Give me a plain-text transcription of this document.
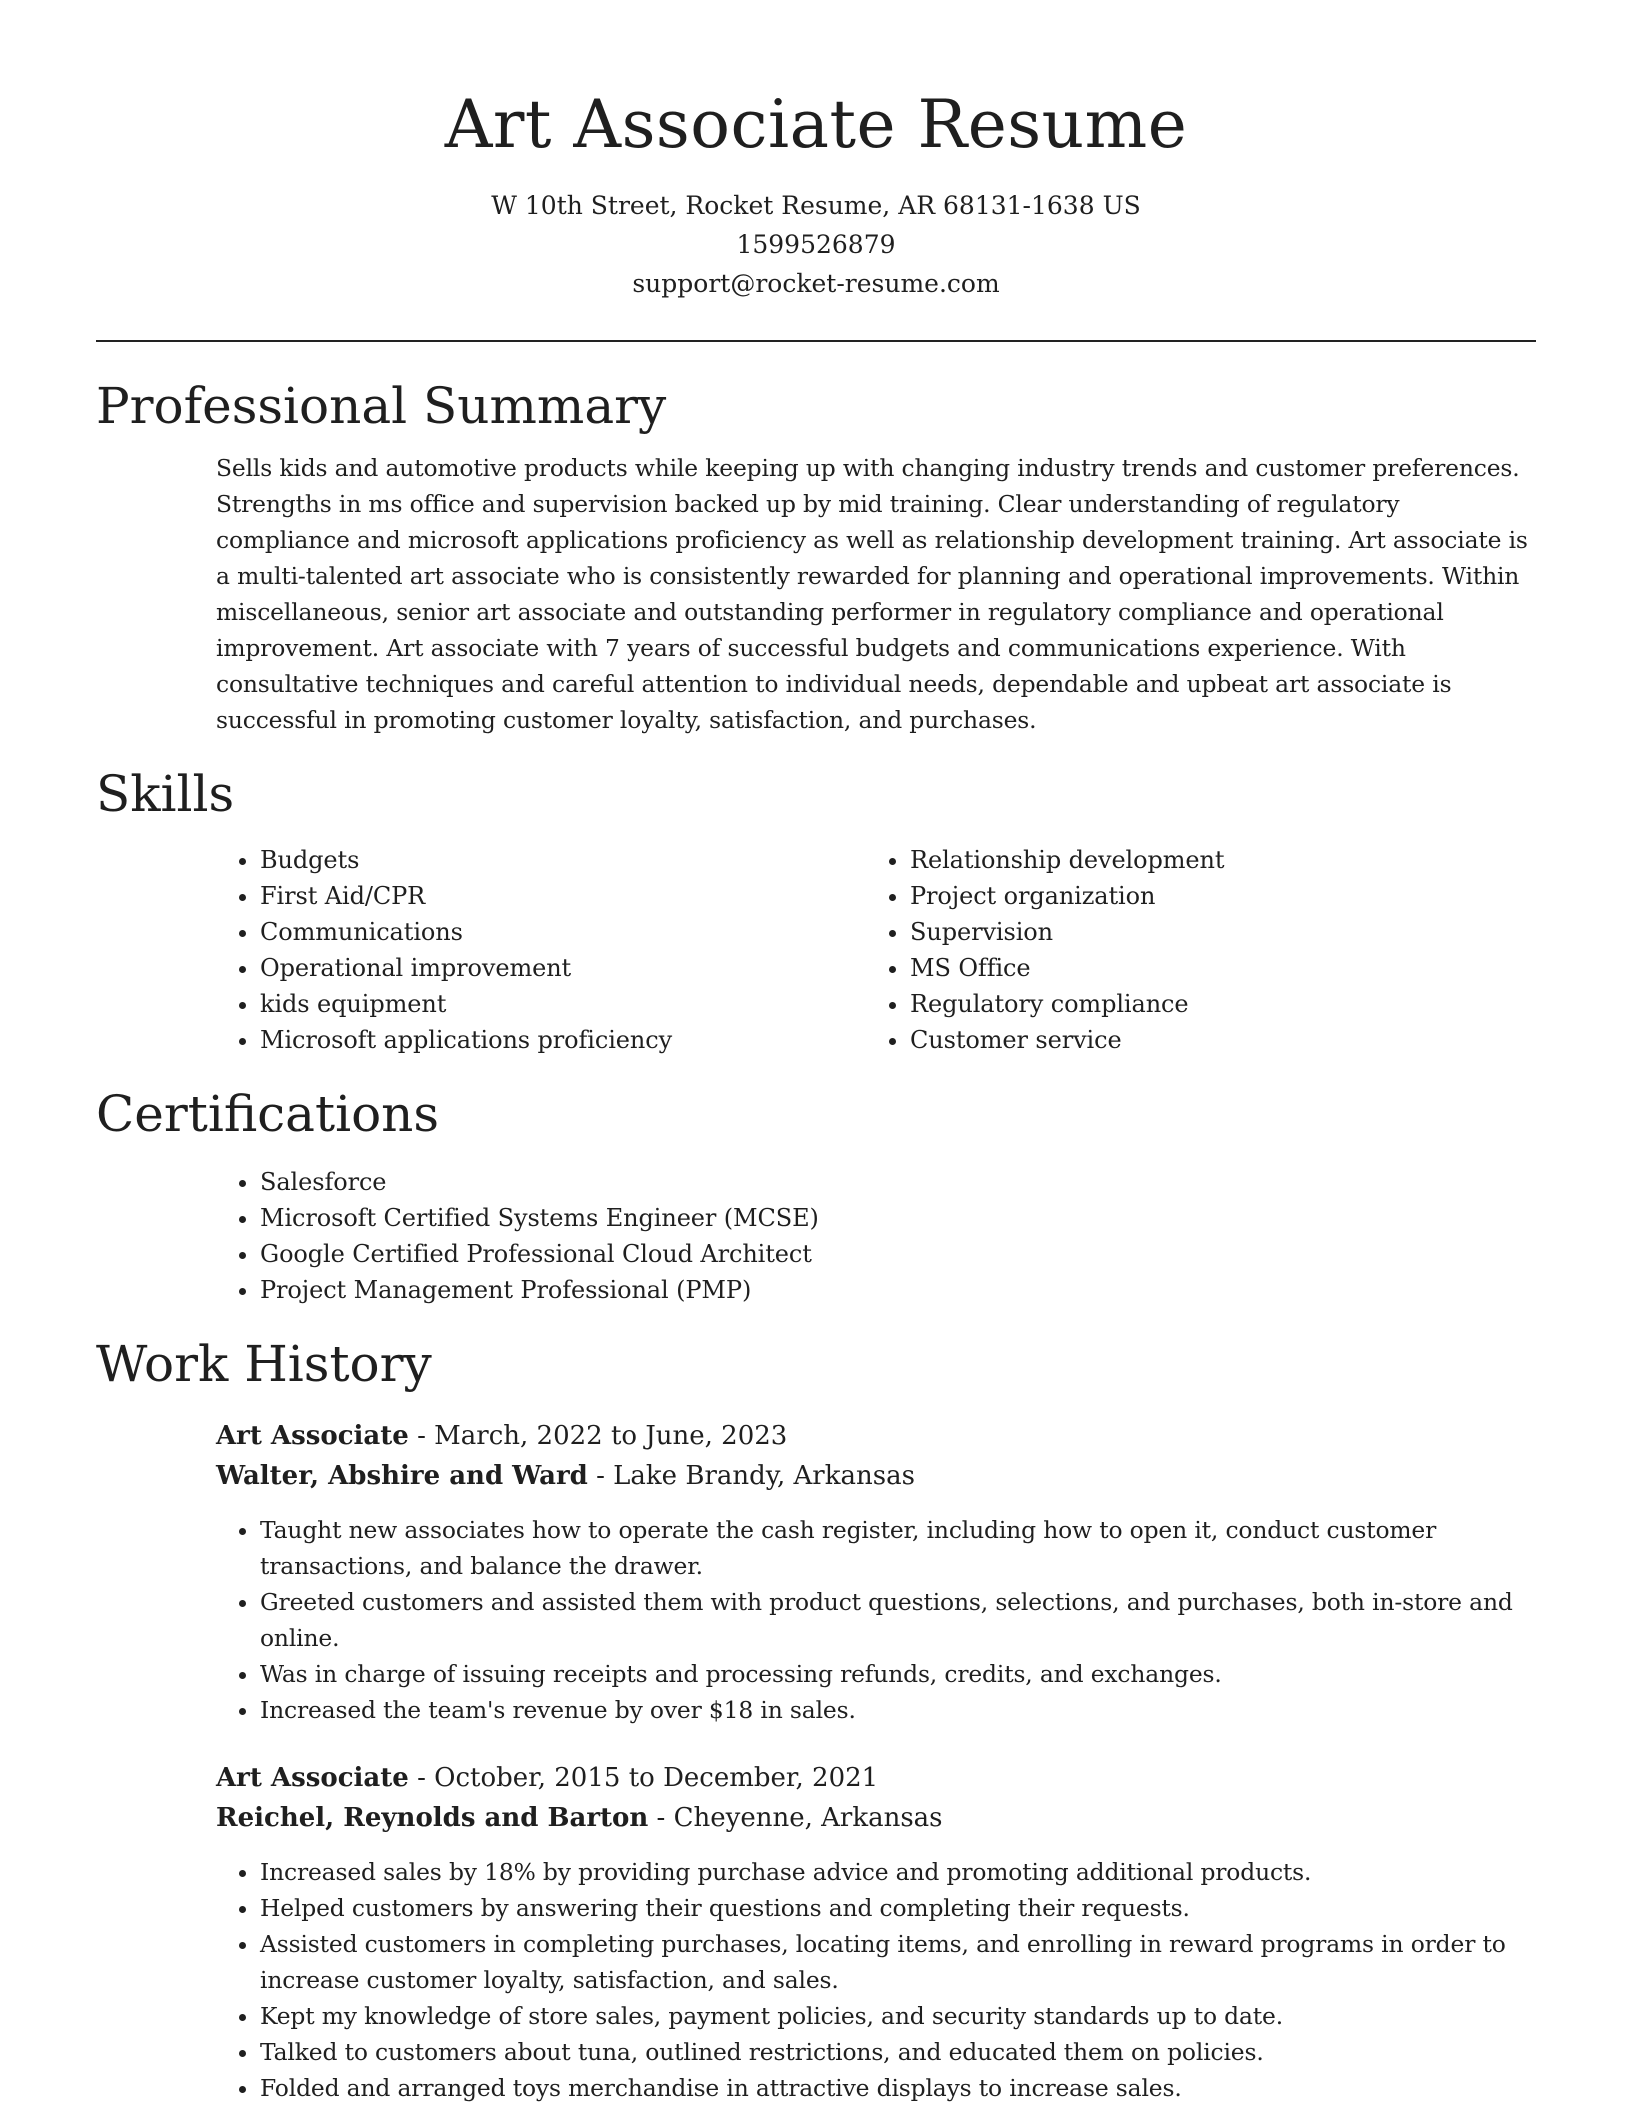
Art Associate Resume

W 10th Street, Rocket Resume, AR 68131-1638 US

1599526879

support@rocket-resume.com

Professional Summary

Sells kids and automotive products while keeping up with changing industry trends and customer preferences. Strengths in ms office and supervision backed up by mid training. Clear understanding of regulatory compliance and microsoft applications proficiency as well as relationship development training. Art associate is a multi-talented art associate who is consistently rewarded for planning and operational improvements. Within miscellaneous, senior art associate and outstanding performer in regulatory compliance and operational improvement. Art associate with 7 years of successful budgets and communications experience. With consultative techniques and careful attention to individual needs, dependable and upbeat art associate is successful in promoting customer loyalty, satisfaction, and purchases.

Skills
• Budgets
• First Aid/CPR
• Communications
• Operational improvement
• kids equipment
• Microsoft applications proficiency
• Relationship development
• Project organization
• Supervision
• MS Office
• Regulatory compliance
• Customer service
Certifications
• Salesforce
• Microsoft Certified Systems Engineer (MCSE)
• Google Certified Professional Cloud Architect
• Project Management Professional (PMP)
Work History

Art Associate - March, 2022 to June, 2023

Walter, Abshire and Ward - Lake Brandy, Arkansas

• Taught new associates how to operate the cash register, including how to open it, conduct customer transactions, and balance the drawer.
• Greeted customers and assisted them with product questions, selections, and purchases, both in-store and online.
• Was in charge of issuing receipts and processing refunds, credits, and exchanges.
• Increased the team's revenue by over $18 in sales.

Art Associate - October, 2015 to December, 2021

Reichel, Reynolds and Barton - Cheyenne, Arkansas

• Increased sales by 18% by providing purchase advice and promoting additional products.
• Helped customers by answering their questions and completing their requests.
• Assisted customers in completing purchases, locating items, and enrolling in reward programs in order to increase customer loyalty, satisfaction, and sales.
• Kept my knowledge of store sales, payment policies, and security standards up to date.
• Talked to customers about tuna, outlined restrictions, and educated them on policies.
• Folded and arranged toys merchandise in attractive displays to increase sales.
